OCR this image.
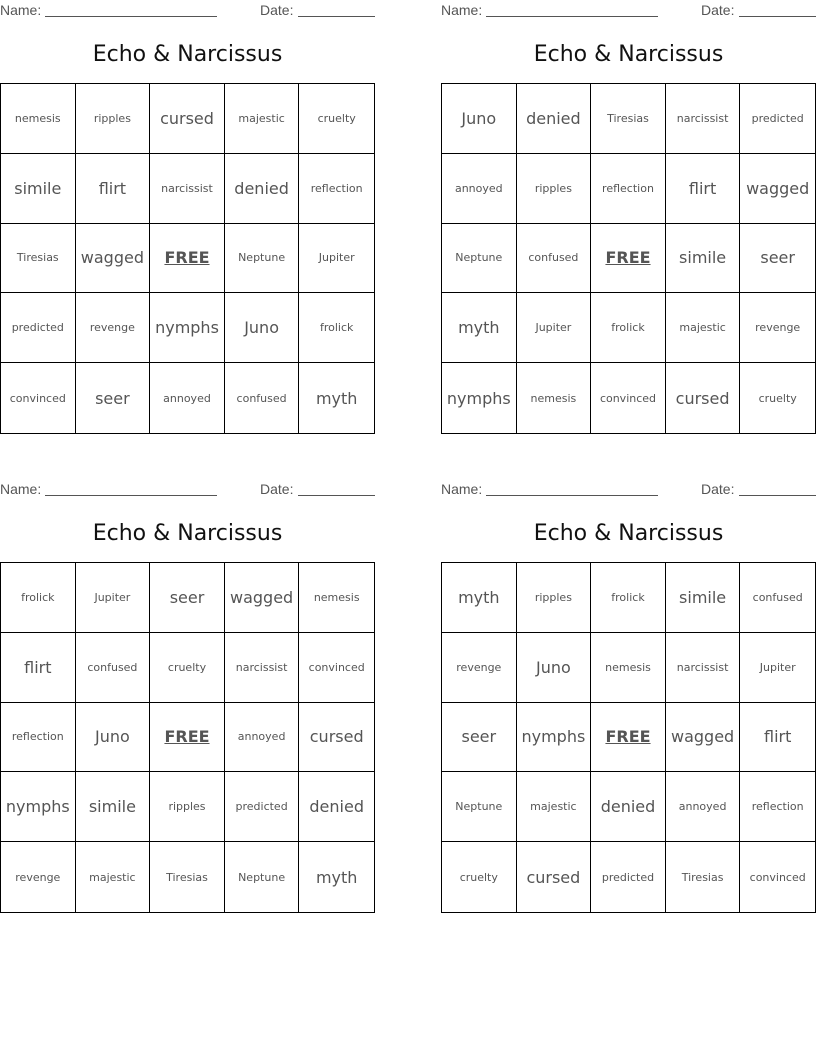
Name:	Date:
Echo & Narcissus
nemesis	ripples	cursed	majestic	cruelty
simile	flirt	narcissist	denied	reflection
Tiresias	wagged	FREE	Neptune	Jupiter
predicted	revenge	nymphs	Juno	frolick
convinced	seer	annoyed	confused	myth
Name:	Date:
Echo & Narcissus
Juno	denied	Tiresias	narcissist	predicted
annoyed	ripples	reflection	flirt	wagged
Neptune	confused	FREE	simile	seer
myth	Jupiter	frolick	majestic	revenge
nymphs	nemesis	convinced	cursed	cruelty
Name:	Date:
Echo & Narcissus
frolick	Jupiter	seer	wagged	nemesis
flirt	confused	cruelty	narcissist	convinced
reflection	Juno	FREE	annoyed	cursed
nymphs	simile	ripples	predicted	denied
revenge	majestic	Tiresias	Neptune	myth
Name:	Date:
Echo & Narcissus
myth	ripples	frolick	simile	confused
revenge	Juno	nemesis	narcissist	Jupiter
seer	nymphs	FREE	wagged	flirt
Neptune	majestic	denied	annoyed	reflection
cruelty	cursed	predicted	Tiresias	convinced
